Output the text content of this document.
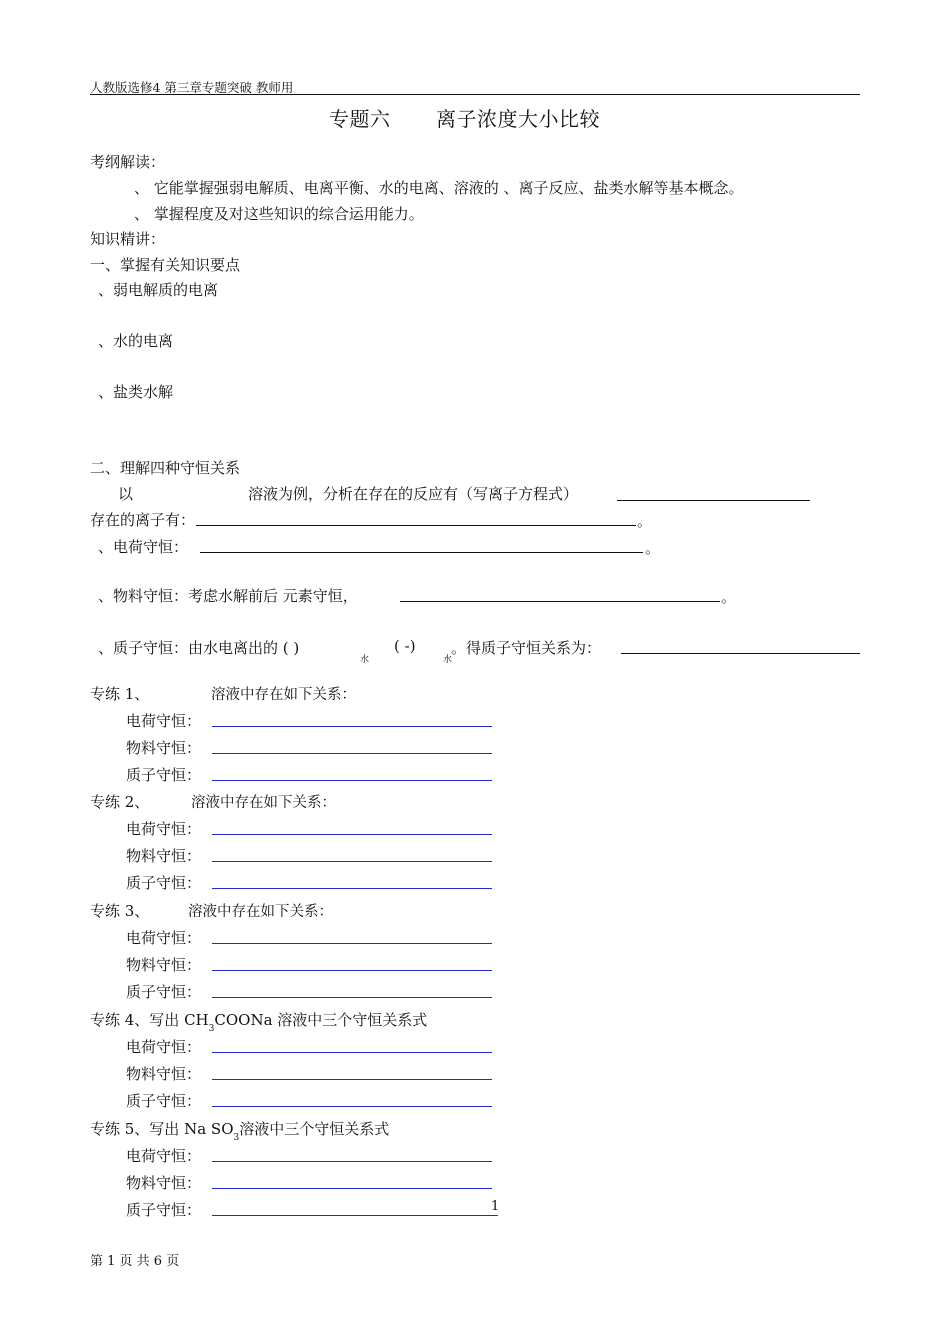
人教版选修4 第三章专题突破 教师用
专题六 离子浓度大小比较
考纲解读：
、 它能掌握强弱电解质、电离平衡、水的电离、溶液的 、离子反应、盐类水解等基本概念。
、 掌握程度及对这些知识的综合运用能力。
知识精讲：
一、掌握有关知识要点
、弱电解质的电离
、水的电离
、盐类水解
二、理解四种守恒关系
以	溶液为例，分析在存在的反应有（写离子方程式）
存在的离子有：	。
、电荷守恒：	。
、物料守恒：考虑水解前后 元素守恒，	。
、质子守恒：由水电离出的 ( )
水
( -)
水
。得质子守恒关系为：
专练 1、	溶液中存在如下关系：
电荷守恒：
物料守恒：
质子守恒：
专练 2、	溶液中存在如下关系：
电荷守恒：
物料守恒：
质子守恒：
专练 3、	溶液中存在如下关系：
电荷守恒：
物料守恒：
质子守恒：
专练 4、写出 $CH_3COONa$ 溶液中三个守恒关系式
电荷守恒：
物料守恒：
质子守恒：
专练 5、写出 Na $SO_3$溶液中三个守恒关系式
电荷守恒：
物料守恒：
质子守恒：	1
第 1 页 共 6 页
